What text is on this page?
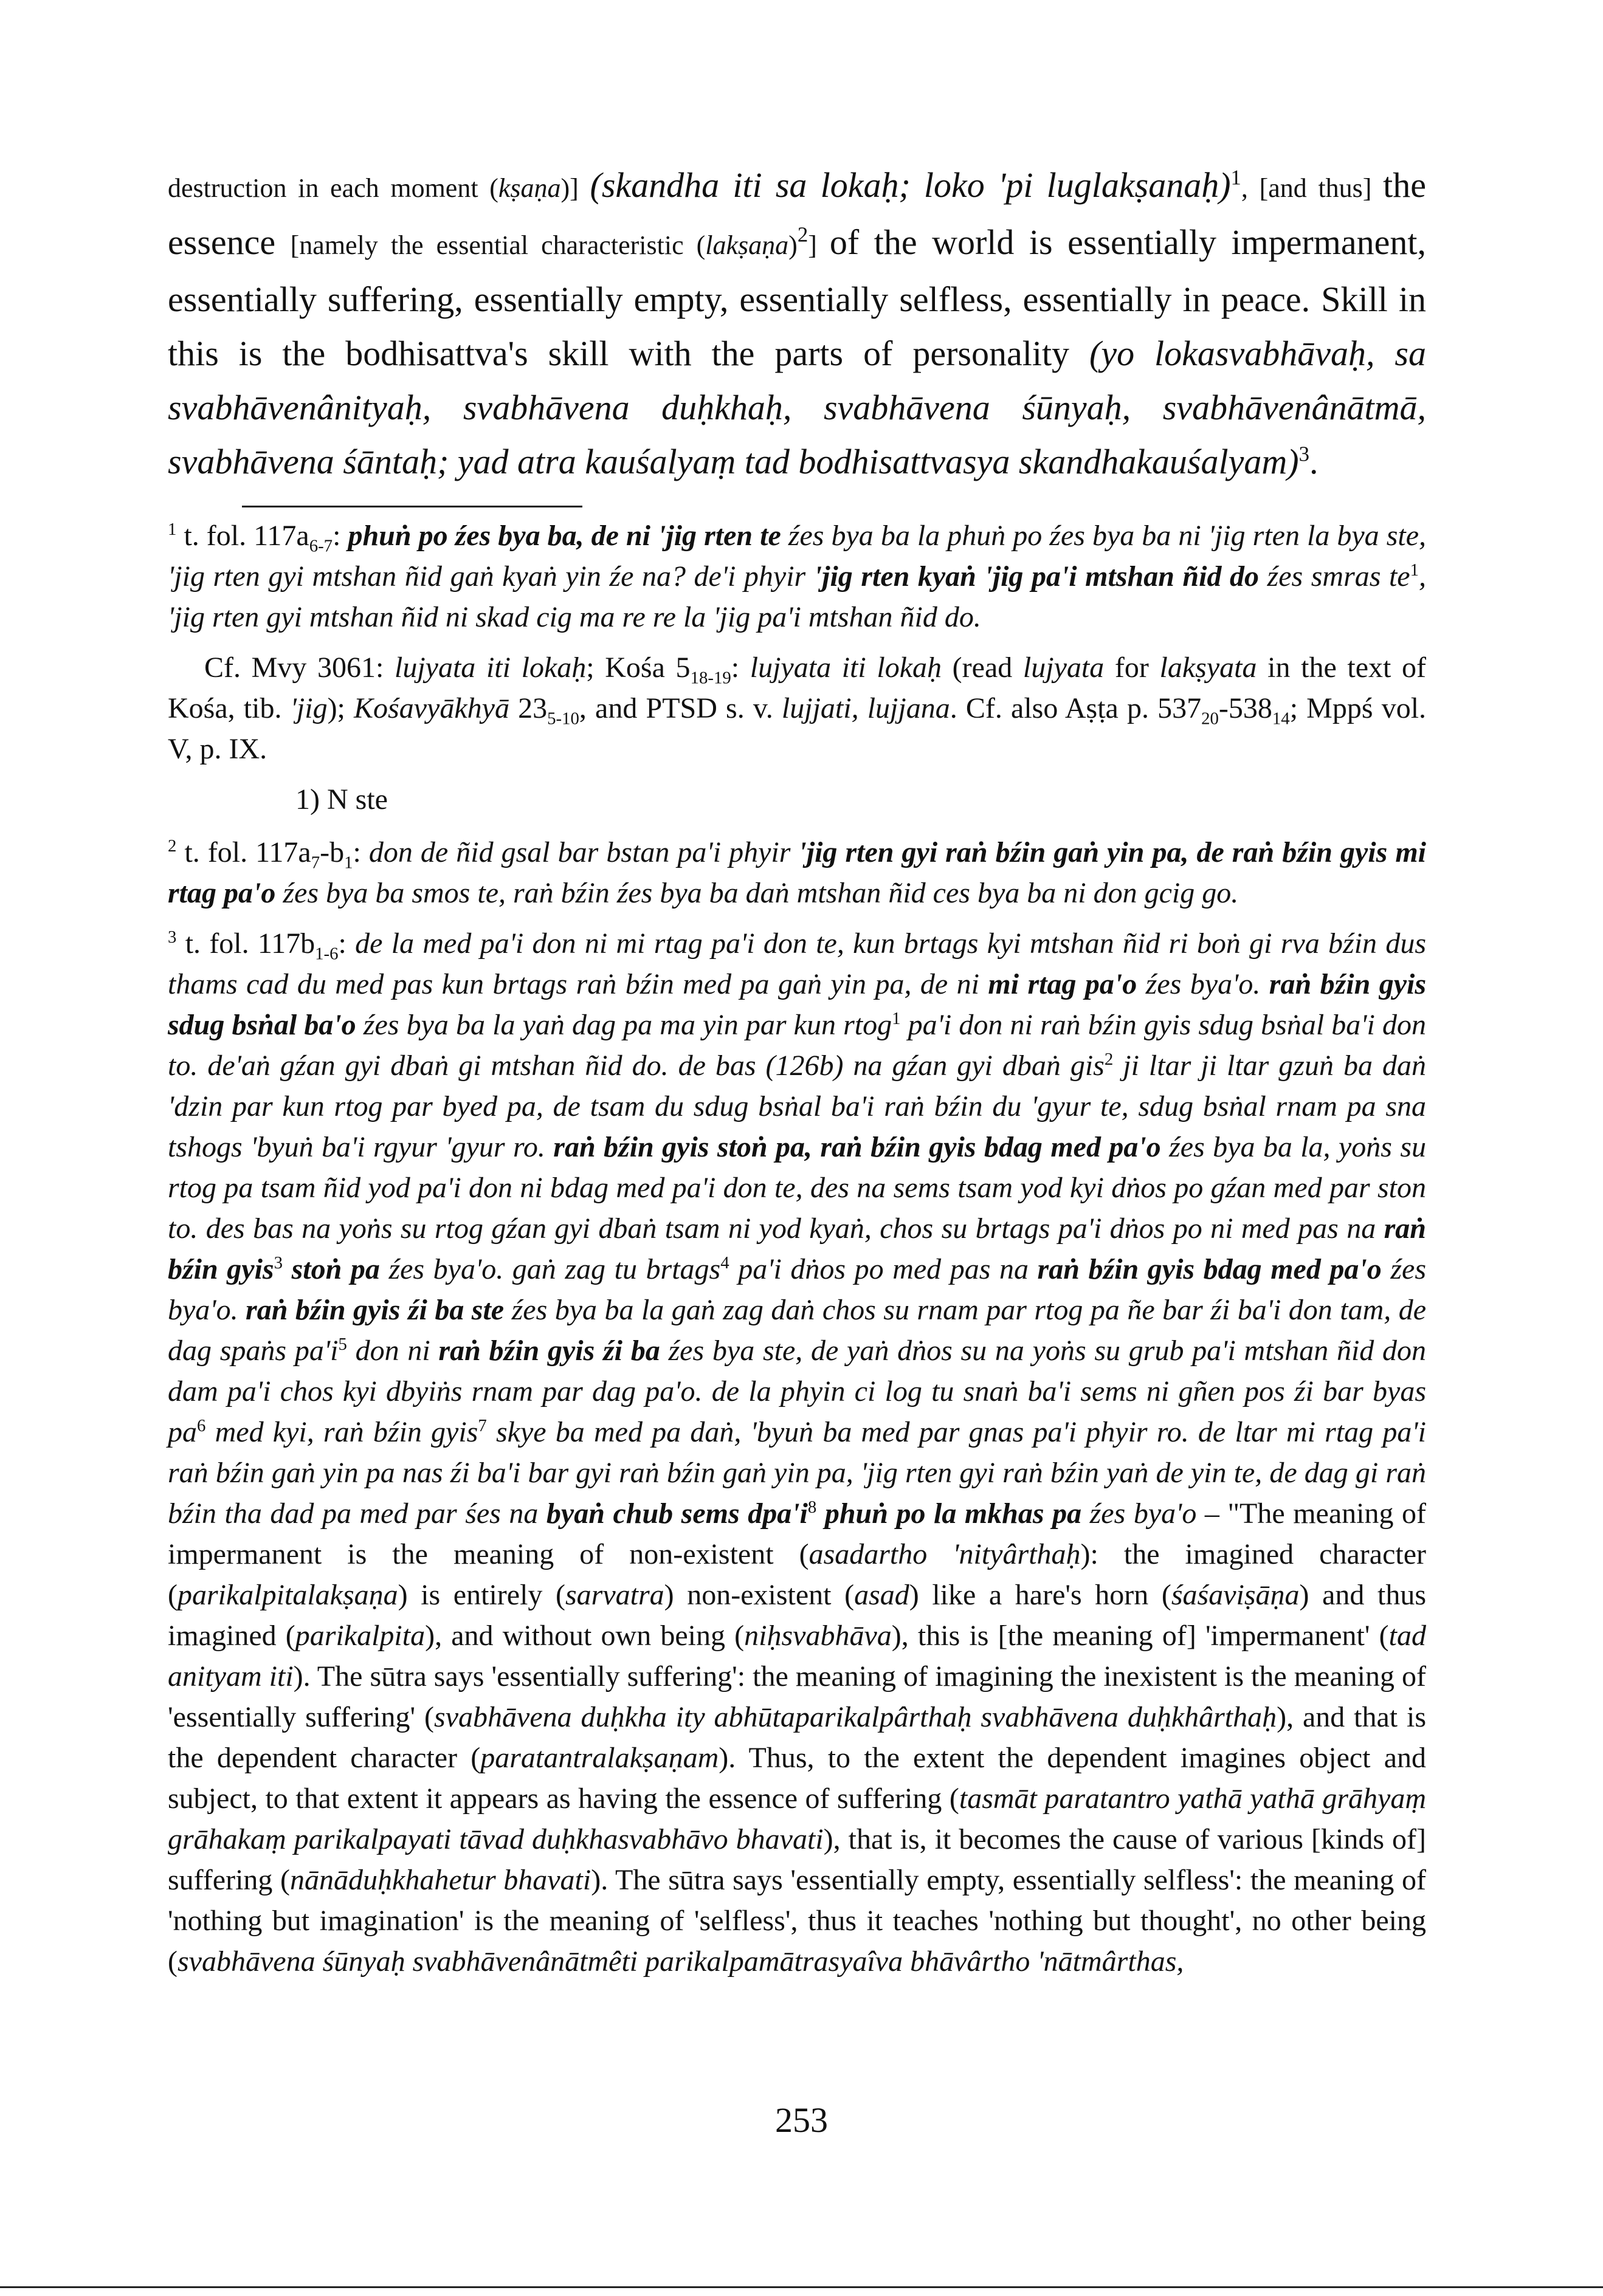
destruction in each moment (kṣaṇa)] (skandha iti sa lokaḥ; loko 'pi luglakṣanaḥ)$^1$, [and thus] the essence [namely the essential characteristic (lakṣaṇa)$^2$] of the world is essentially impermanent, essentially suffering, essentially empty, essentially selfless, essentially in peace. Skill in this is the bodhisattva's skill with the parts of personality (yo lokasvabhāvaḥ, sa svabhāvenânityaḥ, svabhāvena duḥkhaḥ, svabhāvena śūnyaḥ, svabhāvenânātmā, svabhāvena śāntaḥ; yad atra kauśalyaṃ tad bodhisattvasya skandhakauśalyam)$^3$.

$^1$ t. fol. $117a_{6-7}$: phuṅ po źes bya ba, de ni 'jig rten te źes bya ba la phuṅ po źes bya ba ni 'jig rten la bya ste, 'jig rten gyi mtshan ñid gaṅ kyaṅ yin źe na? de'i phyir 'jig rten kyaṅ 'jig pa'i mtshan ñid do źes smras $te^1$, 'jig rten gyi mtshan ñid ni skad cig ma re re la 'jig pa'i mtshan ñid do.

Cf. Mvy 3061: lujyata iti lokaḥ; Kośa $5_{18-19}$: lujyata iti lokaḥ (read lujyata for lakṣyata in the text of Kośa, tib. 'jig); Kośavyākhyā $23_{5-10}$, and PTSD s. v. lujjati, lujjana. Cf. also Aṣṭa p. $537_{20}-538_{14}$; Mppś vol. V, p. IX.

1) N ste

$^2$ t. fol. $117a_7-b_1$: don de ñid gsal bar bstan pa'i phyir 'jig rten gyi raṅ bźin gaṅ yin pa, de raṅ bźin gyis mi rtag pa'o źes bya ba smos te, raṅ bźin źes bya ba daṅ mtshan ñid ces bya ba ni don gcig go.

$^3$ t. fol. $117b_{1-6}$: de la med pa'i don ni mi rtag pa'i don te, kun brtags kyi mtshan ñid ri boṅ gi rva bźin dus thams cad du med pas kun brtags raṅ bźin med pa gaṅ yin pa, de ni mi rtag pa'o źes bya'o. raṅ bźin gyis sdug bsṅal ba'o źes bya ba la yaṅ dag pa ma yin par kun rtog$^1$ pa'i don ni raṅ bźin gyis sdug bsṅal ba'i don to. de'aṅ gźan gyi dbaṅ gi mtshan ñid do. de bas (126b) na gźan gyi dbaṅ gis$^2$ ji ltar ji ltar gzuṅ ba daṅ 'dzin par kun rtog par byed pa, de tsam du sdug bsṅal ba'i raṅ bźin du 'gyur te, sdug bsṅal rnam pa sna tshogs 'byuṅ ba'i rgyur 'gyur ro. raṅ bźin gyis stoṅ pa, raṅ bźin gyis bdag med pa'o źes bya ba la, yoṅs su rtog pa tsam ñid yod pa'i don ni bdag med pa'i don te, des na sems tsam yod kyi dṅos po gźan med par ston to. des bas na yoṅs su rtog gźan gyi dbaṅ tsam ni yod kyaṅ, chos su brtags pa'i dṅos po ni med pas na raṅ bźin gyis$^3$ stoṅ pa źes bya'o. gaṅ zag tu brtags$^4$ pa'i dṅos po med pas na raṅ bźin gyis bdag med pa'o źes bya'o. raṅ bźin gyis źi ba ste źes bya ba la gaṅ zag daṅ chos su rnam par rtog pa ñe bar źi ba'i don tam, de dag spaṅs $pa'i^5$ don ni raṅ bźin gyis źi ba źes bya ste, de yaṅ dṅos su na yoṅs su grub pa'i mtshan ñid don dam pa'i chos kyi dbyiṅs rnam par dag pa'o. de la phyin ci log tu snaṅ ba'i sems ni gñen pos źi bar byas $pa^6$ med kyi, raṅ bźin gyis$^7$ skye ba med pa daṅ, 'byuṅ ba med par gnas pa'i phyir ro. de ltar mi rtag pa'i raṅ bźin gaṅ yin pa nas źi ba'i bar gyi raṅ bźin gaṅ yin pa, 'jig rten gyi raṅ bźin yaṅ de yin te, de dag gi raṅ bźin tha dad pa med par śes na byaṅ chub sems $dpa'i^8$ phuṅ po la mkhas pa źes bya'o – "The meaning of impermanent is the meaning of non-existent (asadartho 'nityârthaḥ): the imagined character (parikalpitalakṣaṇa) is entirely (sarvatra) non-existent (asad) like a hare's horn (śaśaviṣāṇa) and thus imagined (parikalpita), and without own being (niḥsvabhāva), this is [the meaning of] 'impermanent' (tad anityam iti). The sūtra says 'essentially suffering': the meaning of imagining the inexistent is the meaning of 'essentially suffering' (svabhāvena duḥkha ity abhūtaparikalpârthaḥ svabhāvena duḥkhârthaḥ), and that is the dependent character (paratantralakṣaṇam). Thus, to the extent the dependent imagines object and subject, to that extent it appears as having the essence of suffering (tasmāt paratantro yathā yathā grāhyaṃ grāhakaṃ parikalpayati tāvad duḥkhasvabhāvo bhavati), that is, it becomes the cause of various [kinds of] suffering (nānāduḥkhahetur bhavati). The sūtra says 'essentially empty, essentially selfless': the meaning of 'nothing but imagination' is the meaning of 'selfless', thus it teaches 'nothing but thought', no other being (svabhāvena śūnyaḥ svabhāvenânātmêti parikalpamātrasyaîva bhāvârtho 'nātmârthas,

253
